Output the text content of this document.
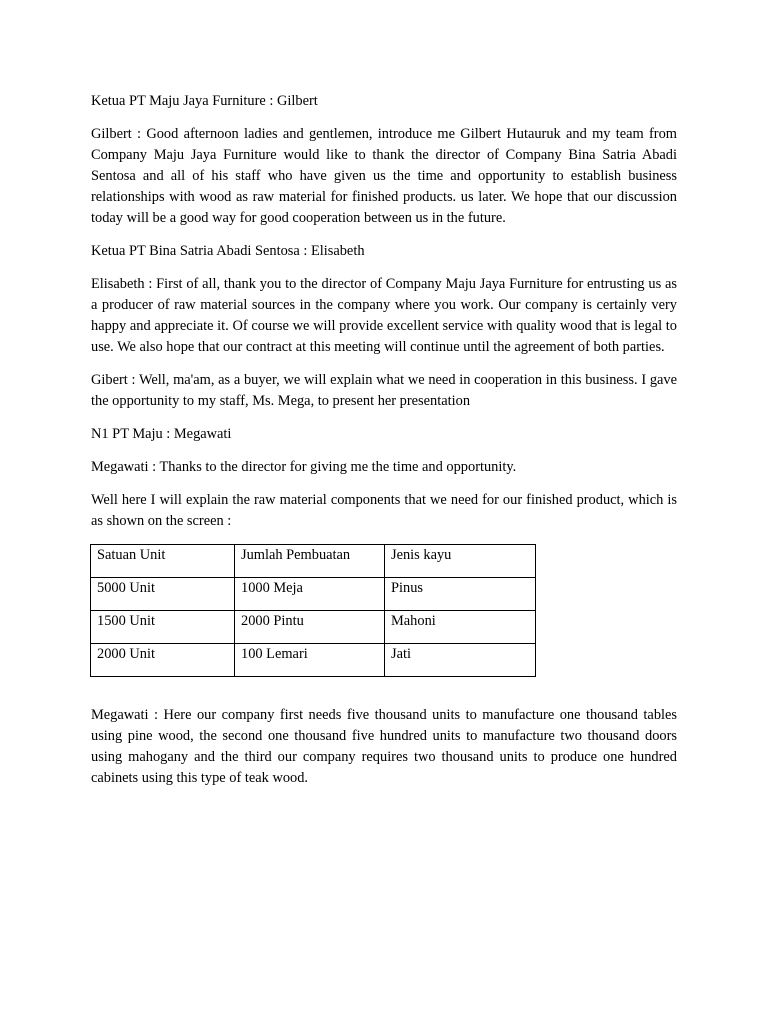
Ketua PT Maju Jaya Furniture : Gilbert

Gilbert : Good afternoon ladies and gentlemen, introduce me Gilbert Hutauruk and my team from Company Maju Jaya Furniture would like to thank the director of Company Bina Satria Abadi Sentosa and all of his staff who have given us the time and opportunity to establish business relationships with wood as raw material for finished products. us later. We hope that our discussion today will be a good way for good cooperation between us in the future.

Ketua PT Bina Satria Abadi Sentosa : Elisabeth

Elisabeth : First of all, thank you to the director of Company Maju Jaya Furniture for entrusting us as a producer of raw material sources in the company where you work. Our company is certainly very happy and appreciate it. Of course we will provide excellent service with quality wood that is legal to use. We also hope that our contract at this meeting will continue until the agreement of both parties.

Gibert : Well, ma'am, as a buyer, we will explain what we need in cooperation in this business. I gave the opportunity to my staff, Ms. Mega, to present her presentation

N1 PT Maju : Megawati

Megawati : Thanks to the director for giving me the time and opportunity.

Well here I will explain the raw material components that we need for our finished product, which is as shown on the screen :

Satuan Unit	Jumlah Pembuatan	Jenis kayu
5000 Unit	1000 Meja	Pinus
1500 Unit	2000 Pintu	Mahoni
2000 Unit	100 Lemari	Jati

Megawati : Here our company first needs five thousand units to manufacture one thousand tables using pine wood, the second one thousand five hundred units to manufacture two thousand doors using mahogany and the third our company requires two thousand units to produce one hundred cabinets using this type of teak wood.
